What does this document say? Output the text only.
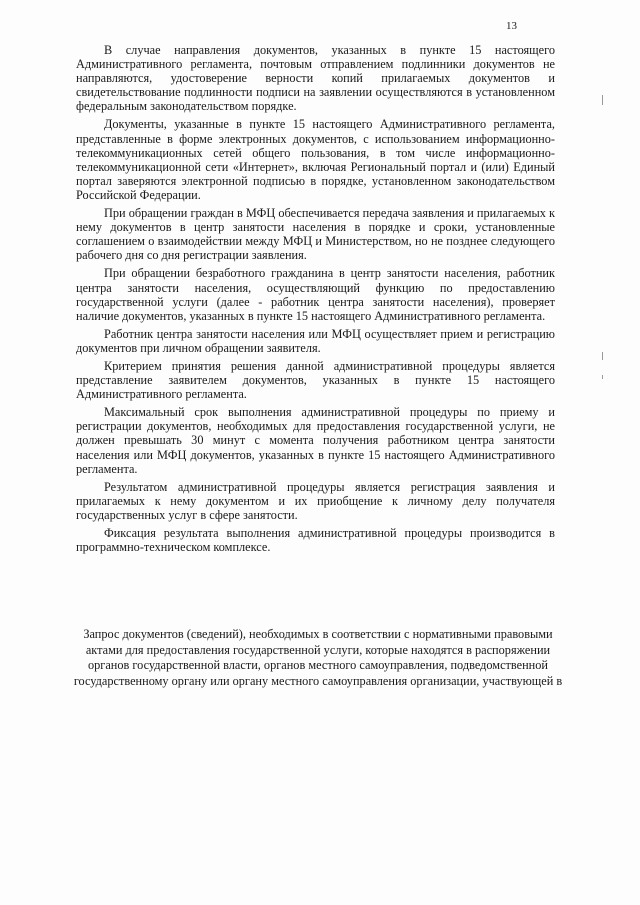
13

В случае направления документов, указанных в пункте 15 настоящего Административного регламента, почтовым отправлением подлинники документов не направляются, удостоверение верности копий прилагаемых документов и свидетельствование подлинности подписи на заявлении осуществляются в установленном федеральным законодательством порядке.

Документы, указанные в пункте 15 настоящего Административного регламента, представленные в форме электронных документов, с использованием информационно-телекоммуникационных сетей общего пользования, в том числе информационно-телекоммуникационной сети «Интернет», включая Региональный портал и (или) Единый портал заверяются электронной подписью в порядке, установленном законодательством Российской Федерации.

При обращении граждан в МФЦ обеспечивается передача заявления и прилагаемых к нему документов в центр занятости населения в порядке и сроки, установленные соглашением о взаимодействии между МФЦ и Министерством, но не позднее следующего рабочего дня со дня регистрации заявления.

При обращении безработного гражданина в центр занятости населения, работник центра занятости населения, осуществляющий функцию по предоставлению государственной услуги (далее - работник центра занятости населения), проверяет наличие документов, указанных в пункте 15 настоящего Административного регламента.

Работник центра занятости населения или МФЦ осуществляет прием и регистрацию документов при личном обращении заявителя.

Критерием принятия решения данной административной процедуры является представление заявителем документов, указанных в пункте 15 настоящего Административного регламента.

Максимальный срок выполнения административной процедуры по приему и регистрации документов, необходимых для предоставления государственной услуги, не должен превышать 30 минут с момента получения работником центра занятости населения или МФЦ документов, указанных в пункте 15 настоящего Административного регламента.

Результатом административной процедуры является регистрация заявления и прилагаемых к нему документом и их приобщение к личному делу получателя государственных услуг в сфере занятости.

Фиксация результата выполнения административной процедуры производится в программно-техническом комплексе.

Запрос документов (сведений), необходимых в соответствии с нормативными правовыми актами для предоставления государственной услуги, которые находятся в распоряжении органов государственной власти, органов местного самоуправления, подведомственной государственному органу или органу местного самоуправления организации, участвующей в
